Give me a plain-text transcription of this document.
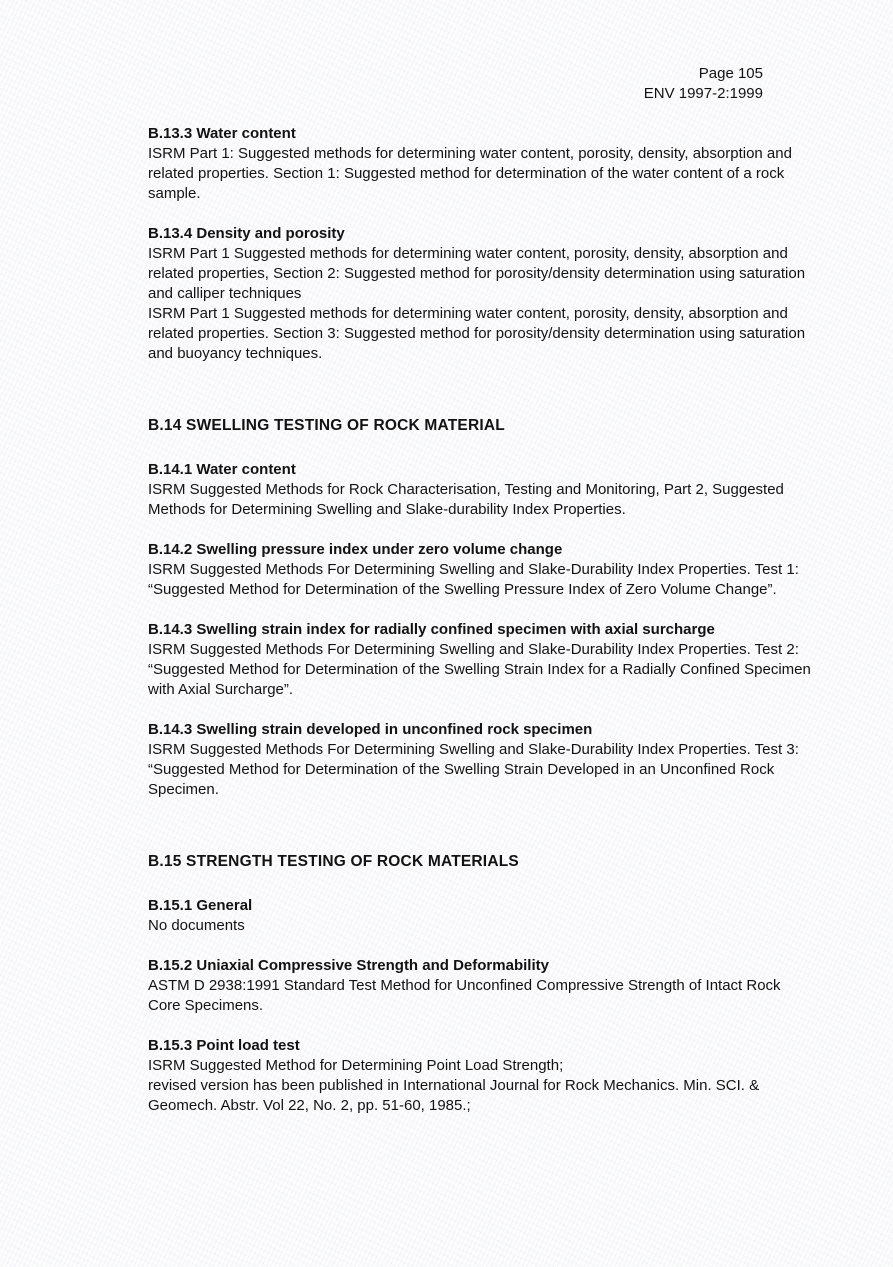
Page 105
ENV 1997-2:1999
B.13.3 Water content

ISRM Part 1: Suggested methods for determining water content, porosity, density, absorption and related properties. Section 1: Suggested method for determination of the water content of a rock sample.

B.13.4 Density and porosity

ISRM Part 1 Suggested methods for determining water content, porosity, density, absorption and related properties, Section 2: Suggested method for porosity/density determination using saturation and calliper techniques

ISRM Part 1 Suggested methods for determining water content, porosity, density, absorption and related properties. Section 3: Suggested method for porosity/density determination using saturation and buoyancy techniques.

B.14 SWELLING TESTING OF ROCK MATERIAL
B.14.1 Water content

ISRM Suggested Methods for Rock Characterisation, Testing and Monitoring, Part 2, Suggested Methods for Determining Swelling and Slake-durability Index Properties.

B.14.2 Swelling pressure index under zero volume change

ISRM Suggested Methods For Determining Swelling and Slake-Durability Index Properties. Test 1: “Suggested Method for Determination of the Swelling Pressure Index of Zero Volume Change”.

B.14.3 Swelling strain index for radially confined specimen with axial surcharge

ISRM Suggested Methods For Determining Swelling and Slake-Durability Index Properties. Test 2: “Suggested Method for Determination of the Swelling Strain Index for a Radially Confined Specimen with Axial Surcharge”.

B.14.3 Swelling strain developed in unconfined rock specimen

ISRM Suggested Methods For Determining Swelling and Slake-Durability Index Properties. Test 3: “Suggested Method for Determination of the Swelling Strain Developed in an Unconfined Rock Specimen.

B.15 STRENGTH TESTING OF ROCK MATERIALS
B.15.1 General

No documents

B.15.2 Uniaxial Compressive Strength and Deformability

ASTM D 2938:1991 Standard Test Method for Unconfined Compressive Strength of Intact Rock Core Specimens.

B.15.3 Point load test

ISRM Suggested Method for Determining Point Load Strength;

revised version has been published in International Journal for Rock Mechanics. Min. SCI. & Geomech. Abstr. Vol 22, No. 2, pp. 51-60, 1985.;
